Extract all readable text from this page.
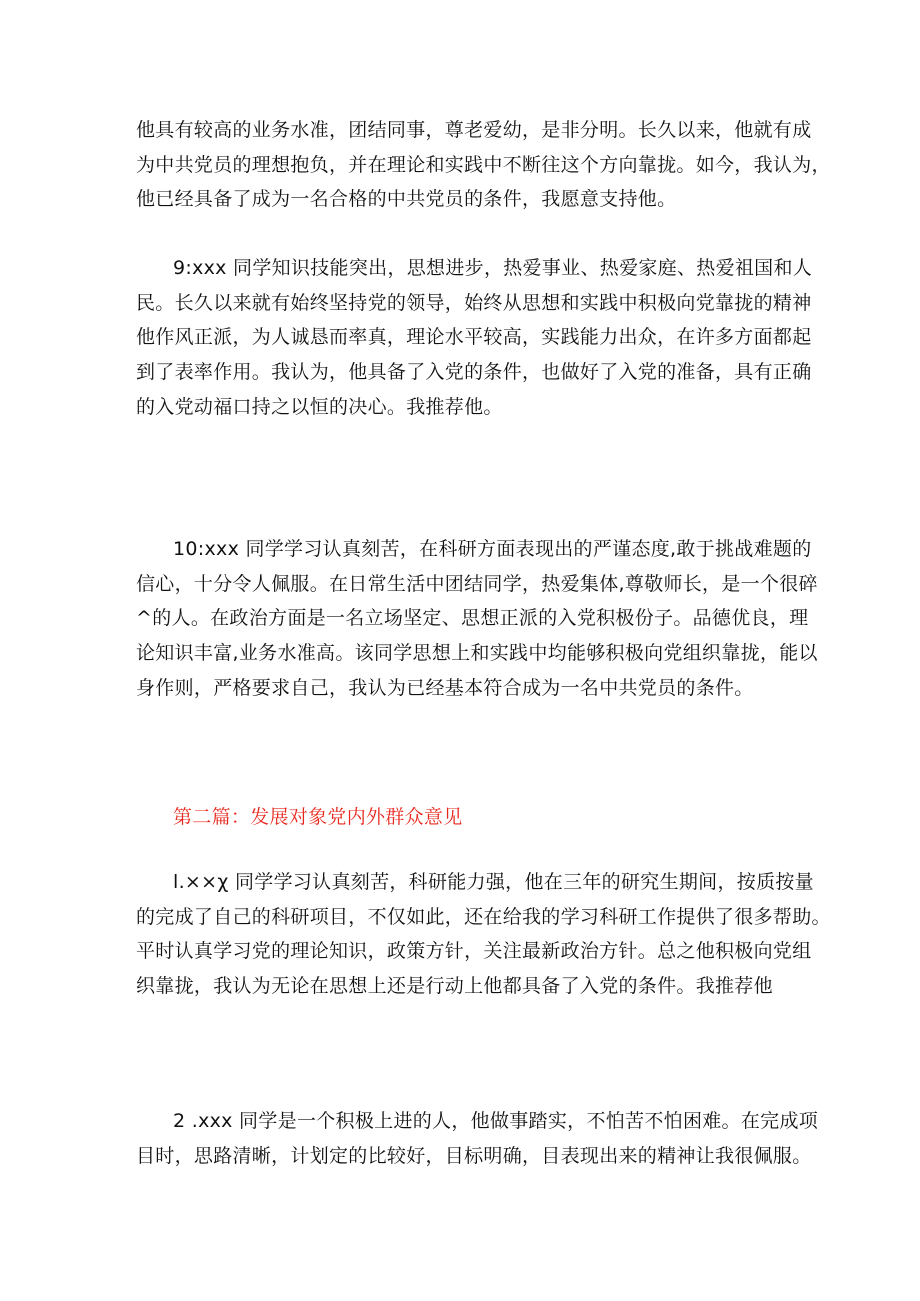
他具有较高的业务水准，团结同事，尊老爱幼，是非分明。长久以来，他就有成
为中共党员的理想抱负，并在理论和实践中不断往这个方向靠拢。如今，我认为，
他已经具备了成为一名合格的中共党员的条件，我愿意支持他。
9:xxx 同学知识技能突出，思想进步，热爱事业、热爱家庭、热爱祖国和人
民。长久以来就有始终坚持党的领导，始终从思想和实践中积极向党靠拢的精神
他作风正派，为人诚恳而率真，理论水平较高，实践能力出众，在许多方面都起
到了表率作用。我认为，他具备了入党的条件，也做好了入党的准备，具有正确
的入党动福口持之以恒的决心。我推荐他。
10:xxx 同学学习认真刻苦，在科研方面表现出的严谨态度,敢于挑战难题的
信心，十分令人佩服。在日常生活中团结同学，热爱集体,尊敬师长，是一个很碎
^的人。在政治方面是一名立场坚定、思想正派的入党积极份子。品德优良，理
论知识丰富,业务水准高。该同学思想上和实践中均能够积极向党组织靠拢，能以
身作则，严格要求自己，我认为已经基本符合成为一名中共党员的条件。
第二篇：发展对象党内外群众意见
l.××χ 同学学习认真刻苦，科研能力强，他在三年的研究生期间，按质按量
的完成了自己的科研项目，不仅如此，还在给我的学习科研工作提供了很多帮助。
平时认真学习党的理论知识，政策方针，关注最新政治方针。总之他积极向党组
织靠拢，我认为无论在思想上还是行动上他都具备了入党的条件。我推荐他
2 .xxx 同学是一个积极上进的人，他做事踏实，不怕苦不怕困难。在完成项
目时，思路清晰，计划定的比较好，目标明确，目表现出来的精神让我很佩服。
